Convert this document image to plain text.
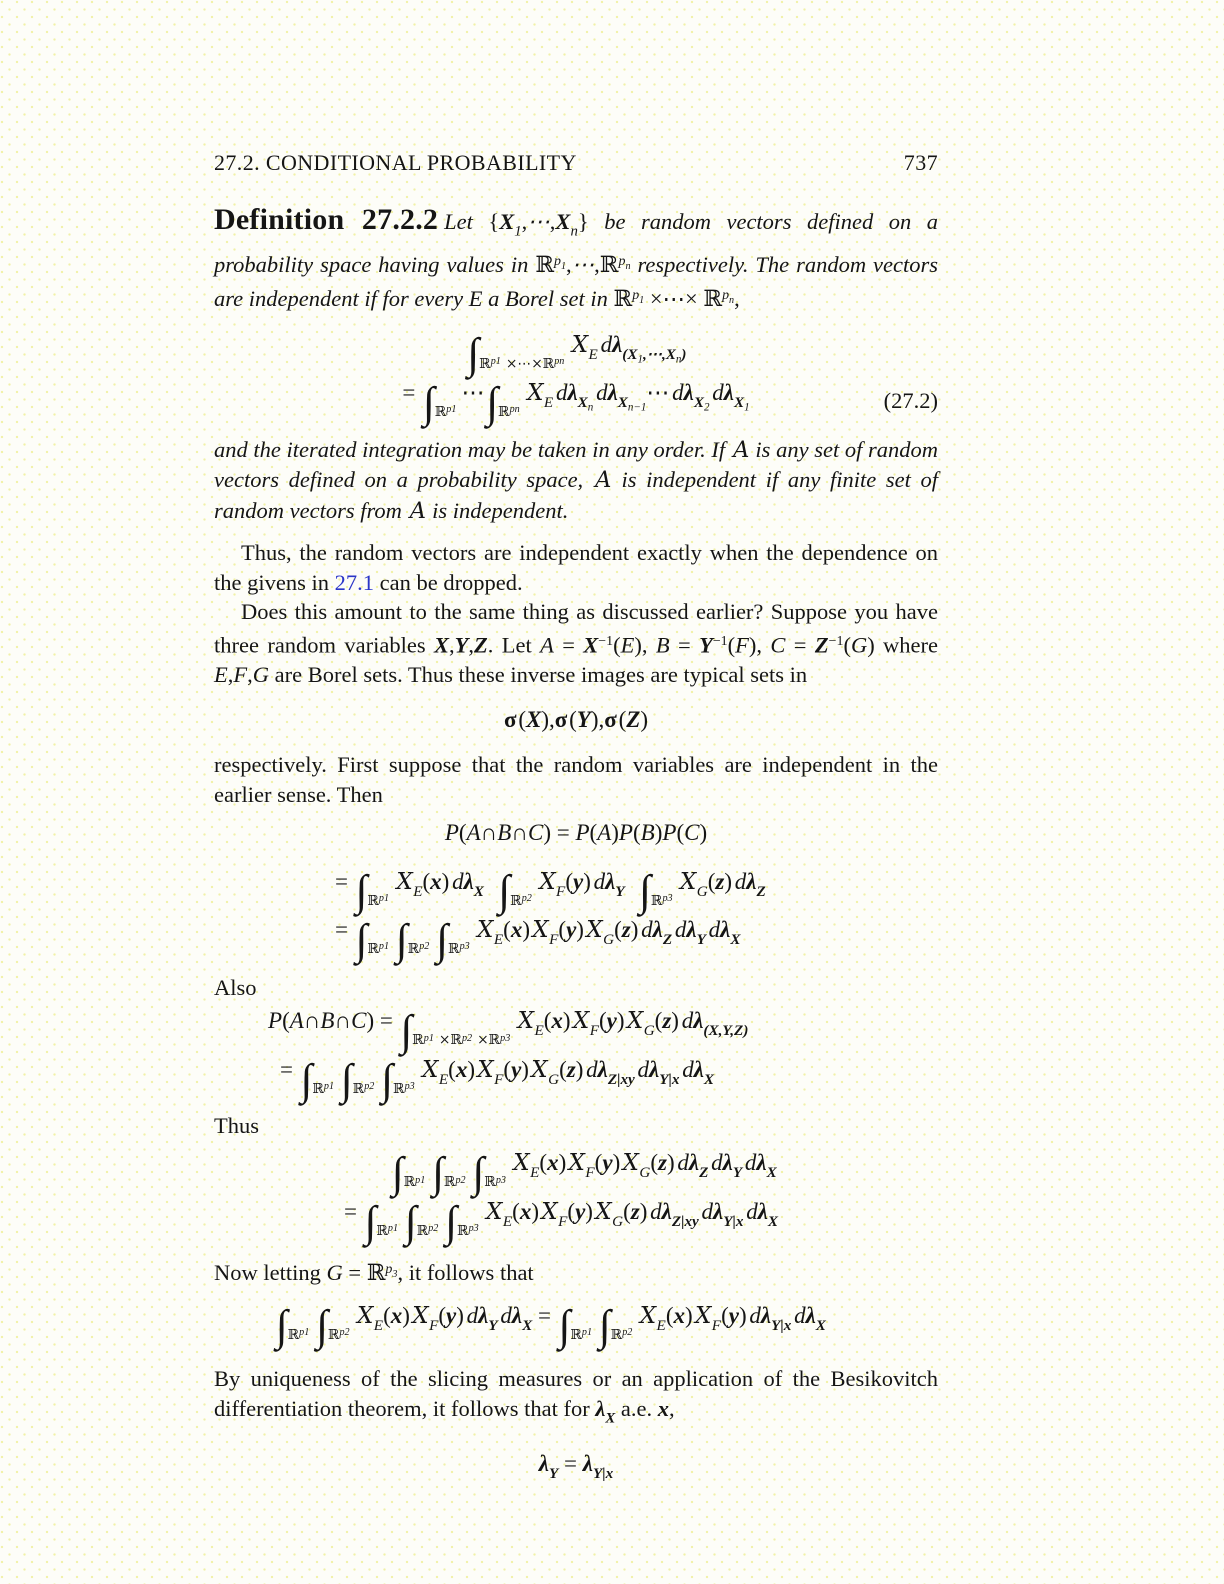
27.2. CONDITIONAL PROBABILITY	737

Definition 27.2.2 Let $\{X_1,\cdots,X_n\}$ be random vectors defined on a probability space having values in ℝ$^p$1,⋯,ℝ$^p$n respectively. The random vectors are independent if for every E a Borel set in ℝ$^p$1 ×⋯× ℝ$^p$n,

$\int_{ℝp1}$ $_{\times\cdots\times ℝpn}X_E$ $d\lambda_{(X1,\cdots,Xn)}$
= $\int_{ℝp1}\cdots\int_{ℝpn}X_E$ $d\lambda_{Xn}d\lambda_{Xn-1}\cdots$ $d\lambda_{X2}d\lambda_{X1}$	(27.2)

and the iterated integration may be taken in any order. If A is any set of random vectors defined on a probability space, A is independent if any finite set of random vectors from A is independent.

Thus, the random vectors are independent exactly when the dependence on the givens in 27.1 can be dropped.

Does this amount to the same thing as discussed earlier? Suppose you have three random variables X,Y,Z. Let $A = X^{-1}(E)$, $B = Y^{-1}(F)$, $C = Z^{-1}(G)$ where E,F,G are Borel sets. Thus these inverse images are typical sets in

σ(X),σ(Y),σ(Z)

respectively. First suppose that the random variables are independent in the earlier sense. Then

P(A∩B∩C) = P(A)P(B)P(C)
= $\int_{ℝp1}X_E(x)$ $d\lambda_X$ $\int_{ℝp2}X_F(y)$ $d\lambda_Y$ $\int_{ℝp3}X_G(z)$ $d\lambda_Z$
= $\int_{ℝp1}$ $\int_{ℝp2}$ $\int_{ℝp3}X_E(x)X_F(y)X_G(z)$ $d\lambda_Z$ $d\lambda_Y$ $d\lambda_X$

Also

P(A∩B∩C) = $\int_{ℝp1}$ $_{\times ℝp2}$ $_{\times ℝp3}X_E(x)X_F(y)X_G(z)$ $d\lambda_{(X,Y,Z)}$
= $\int_{ℝp1}$ $\int_{ℝp2}$ $\int_{ℝp3}X_E(x)X_F(y)X_G(z)$ $d\lambda_{Z|xy}$ $d\lambda_{Y|x}$ $d\lambda_X$

Thus

$\int_{ℝp1}$ $\int_{ℝp2}$ $\int_{ℝp3}X_E(x)X_F(y)X_G(z)$ $d\lambda_Z$ $d\lambda_Y$ $d\lambda_X$
= $\int_{ℝp1}$ $\int_{ℝp2}$ $\int_{ℝp3}X_E(x)X_F(y)X_G(z)$ $d\lambda_{Z|xy}$ $d\lambda_{Y|x}$ $d\lambda_X$

Now letting G = ℝ$^p$3, it follows that

$\int_{ℝp1}$ $\int_{ℝp2}X_E(x)X_F(y)$ $d\lambda_Y$ $d\lambda_X = \int_{ℝp1}$ $\int_{ℝp2}X_E(x)X_F(y)$ $d\lambda_{Y|x}$ $d\lambda_X$

By uniqueness of the slicing measures or an application of the Besikovitch differentiation theorem, it follows that for $\lambda_X$ a.e. x,

$\lambda_Y = \lambda_{Y|x}$
